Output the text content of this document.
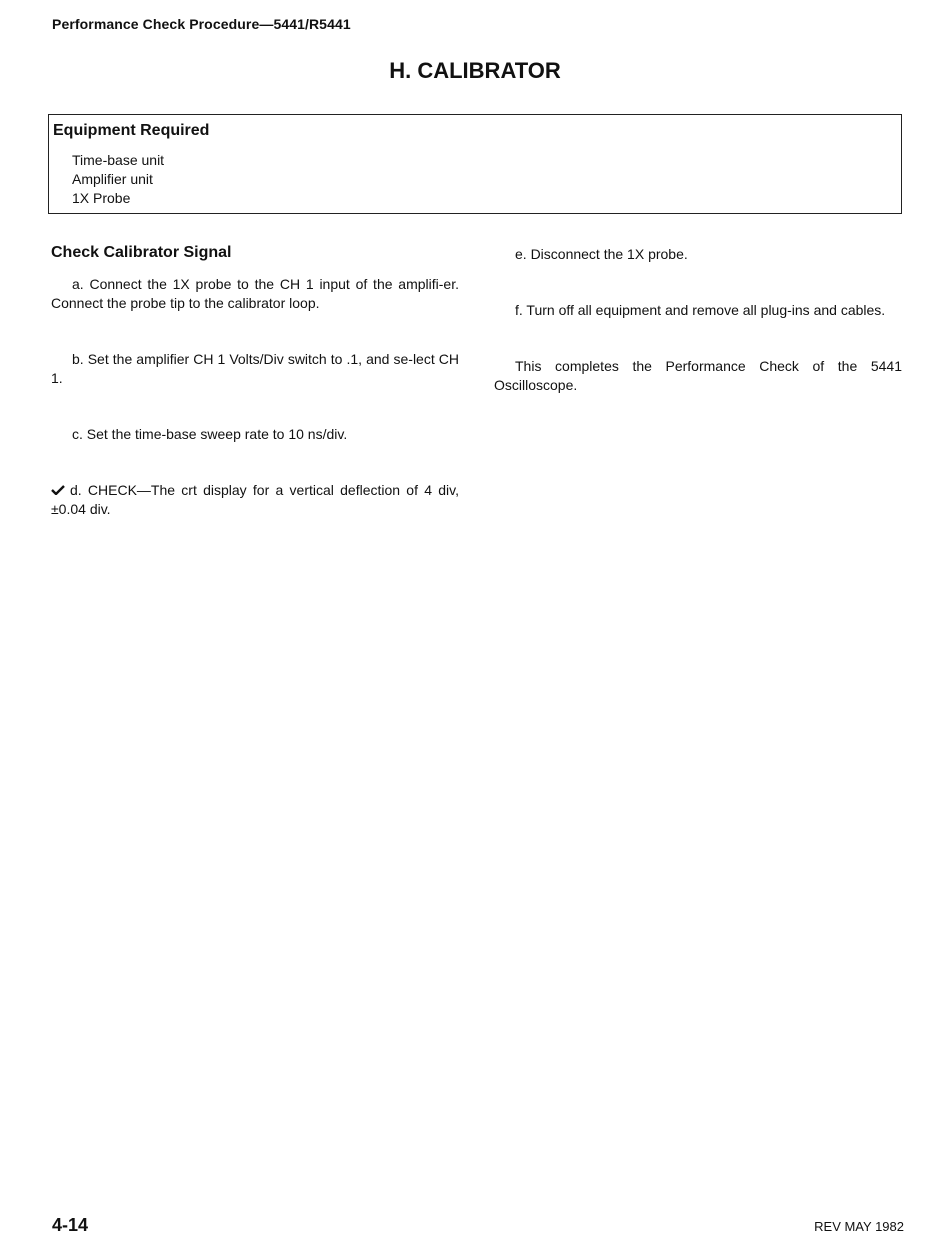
Performance Check Procedure—5441/R5441
H. CALIBRATOR
Equipment Required
Time-base unit
Amplifier unit
1X Probe
Check Calibrator Signal

a. Connect the 1X probe to the CH 1 input of the amplifi-er. Connect the probe tip to the calibrator loop.

b. Set the amplifier CH 1 Volts/Div switch to .1, and se-lect CH 1.

c. Set the time-base sweep rate to 10 ns/div.

d. CHECK—The crt display for a vertical deflection of 4 div, ±0.04 div.

e. Disconnect the 1X probe.

f. Turn off all equipment and remove all plug-ins and cables.

This completes the Performance Check of the 5441 Oscilloscope.

4-14	REV MAY 1982
